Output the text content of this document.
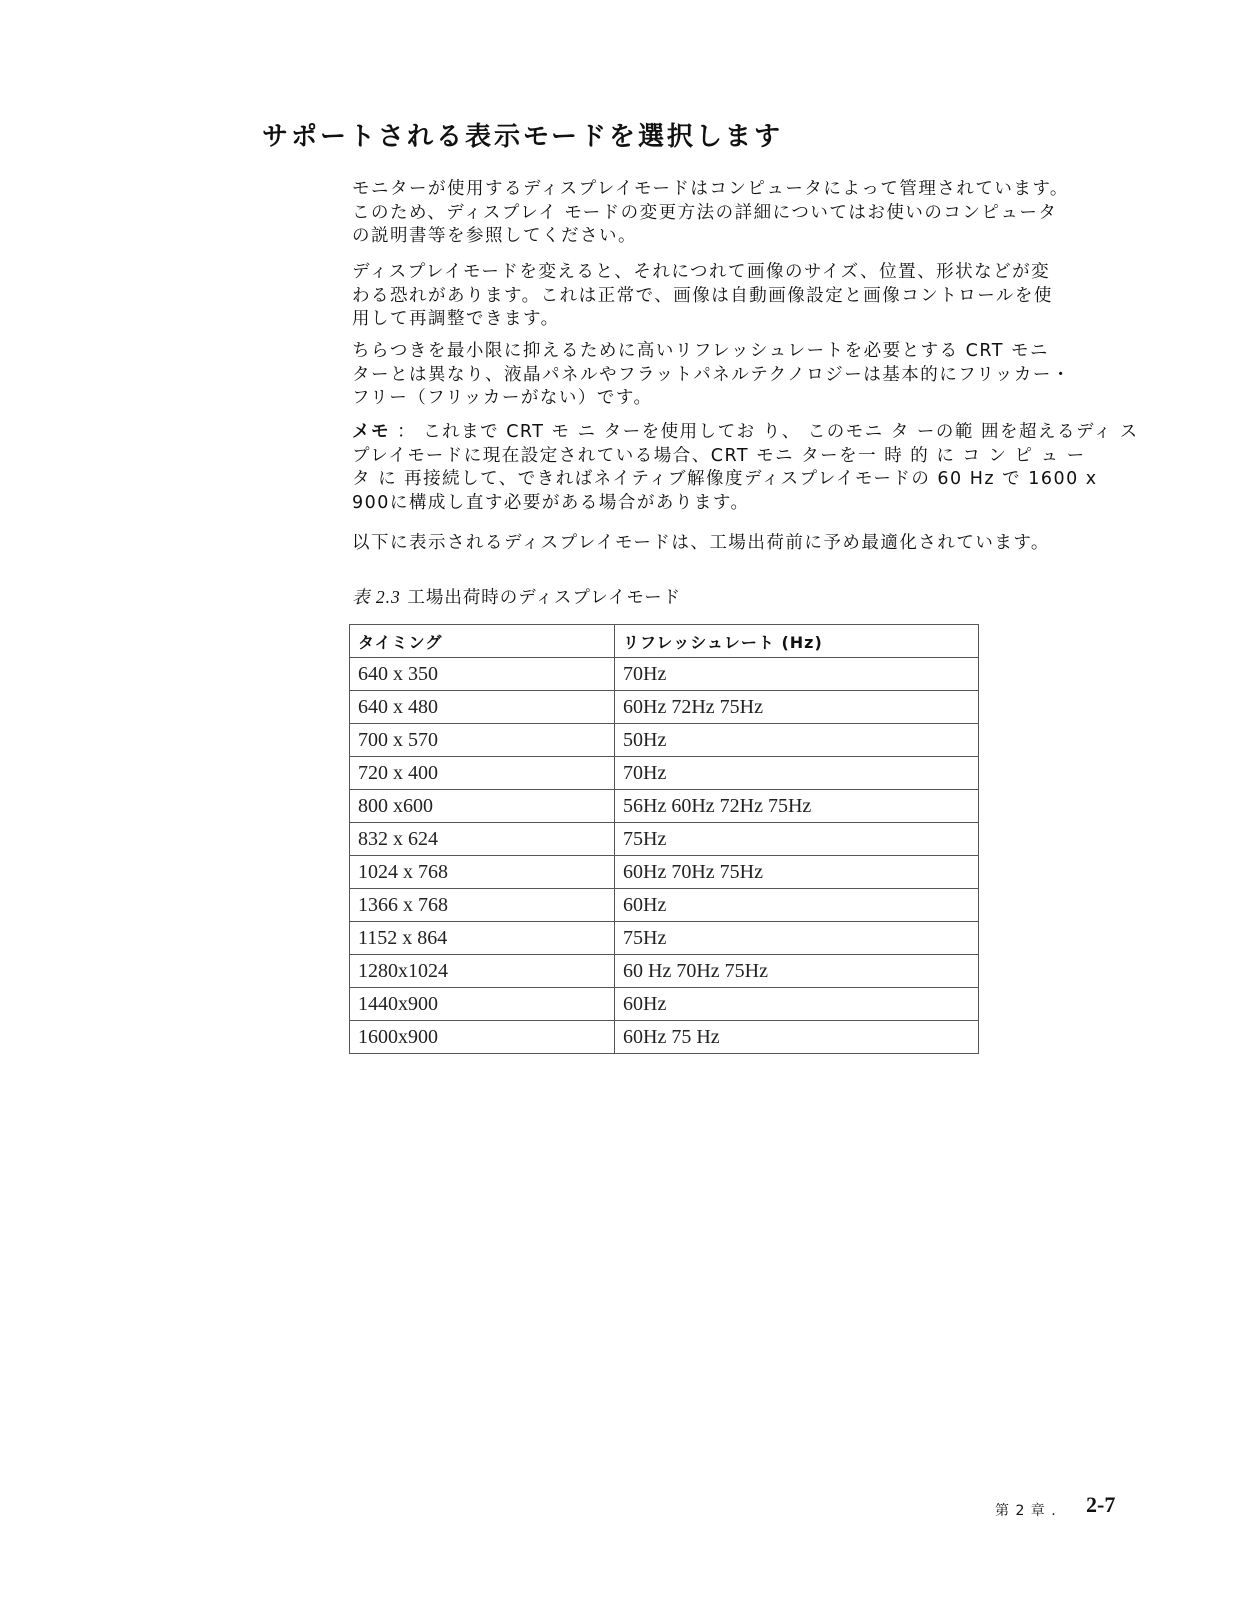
サポートされる表示モードを選択します

モニターが使用するディスプレイモードはコンピュータによって管理されています。
このため、ディスプレイ モードの変更方法の詳細についてはお使いのコンピュータ
の説明書等を参照してください。

ディスプレイモードを変えると、それにつれて画像のサイズ、位置、形状などが変
わる恐れがあります。これは正常で、画像は自動画像設定と画像コントロールを使
用して再調整できます。

ちらつきを最小限に抑えるために高いリフレッシュレートを必要とする CRT モニ
ターとは異なり、液晶パネルやフラットパネルテクノロジーは基本的にフリッカー・
フリー（フリッカーがない）です。

メモ ： これまで CRT モ ニ ターを使用してお り、 このモニ タ ーの範 囲を超えるディ ス
プレイモードに現在設定されている場合、CRT モニ ターを一 時 的 に コ ン ピ ュ ー
タ に 再接続して、できればネイティブ解像度ディスプレイモードの 60 Hz で 1600 x
900に構成し直す必要がある場合があります。

以下に表示されるディスプレイモードは、工場出荷前に予め最適化されています。

表 2.3 工場出荷時のディスプレイモード

タイミング	リフレッシュレート (Hz)
640 x 350	70Hz
640 x 480	60Hz 72Hz 75Hz
700 x 570	50Hz
720 x 400	70Hz
800 x600	56Hz 60Hz 72Hz 75Hz
832 x 624	75Hz
1024 x 768	60Hz 70Hz 75Hz
1366 x 768	60Hz
1152 x 864	75Hz
1280x1024	60 Hz 70Hz 75Hz
1440x900	60Hz
1600x900	60Hz 75 Hz
第 2 章 . 2-7
